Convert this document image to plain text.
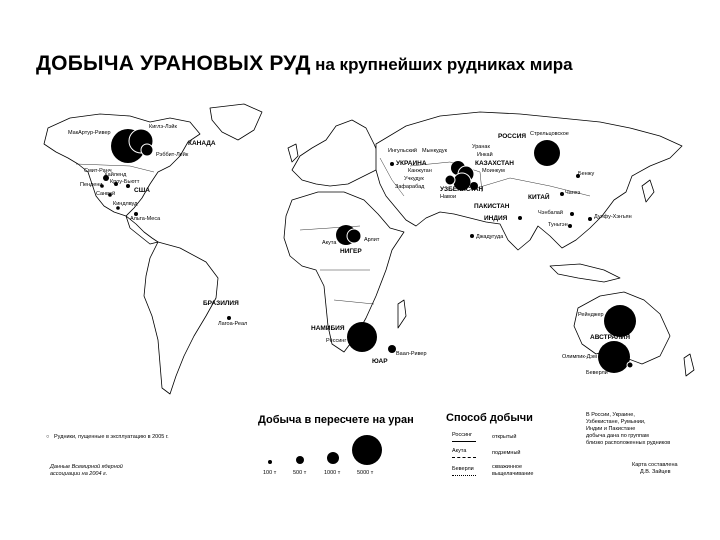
ДОБЫЧА УРАНОВЫХ РУД на крупнейших рудниках мира
КАНАДА
США
НИГЕР
НАМИБИЯ
ЮАР
БРАЗИЛИЯ
РОССИЯ
УКРАИНА	КАЗАХСТАН
УЗБЕКИСТАН
КИТАЙ
ПАКИСТАН
ИНДИЯ
АВСТРАЛИЯ
МакАртур-Ривер
Киглэ-Лэйк
Рэббит-Лейк
Смит-Ранч
Хайленд
Кроу-Бьютт
Пендени
Санвей
Киндлвуд
Альта-Меса
Арлит
Акута
Рёссинг
Ваал-Ривер
Лагоа-Реал
Стрельцовское
Уранак
Инкай
Ингульский Мынкудук
Канжуган	Моинкум
Учкудук
Зафарабад
Навои
Бенжу
Чанхэ
Чэнбалай
Дунфу-Хэнъян
Туньтэн
Джадугуда
Рейнджер
Олимпик-Дэм
Беверли
Добыча в пересчете на уран	Способ добычи
○ Рудники, пущенные в эксплуатацию в 2005 г.
Данные Всемирной ядерной
ассоциации на 2004 г.	100 т	500 т	1000 т	5000 т
Россинг	открытый
Акута	подземный
Беверли	скважинное выщелачивание
В России, Украине,
Узбекистане, Румынии,
Индии и Пакистане
добыча дана по группам
близко расположенных рудников
Карта составлена
Д.В. Зайцев
